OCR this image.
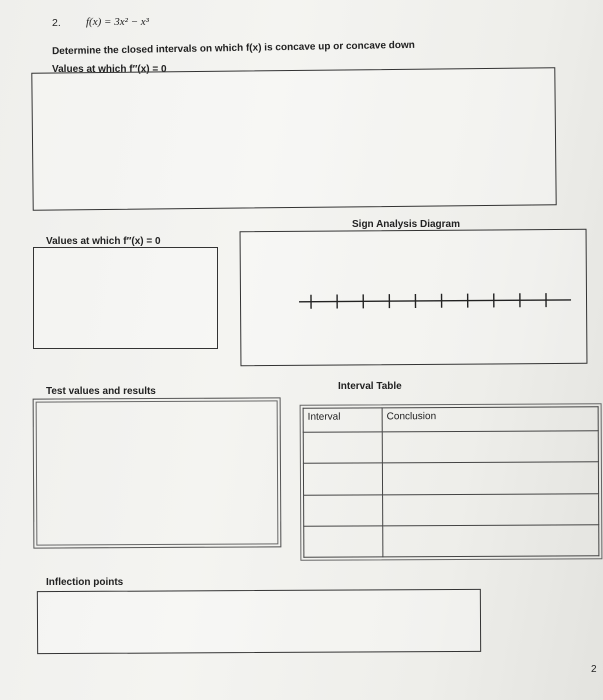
2. f(x) = 3x² − x³
Determine the closed intervals on which f(x) is concave up or concave down
Values at which f″(x) = 0
Sign Analysis Diagram
Values at which f″(x) = 0
Interval Table
Test values and results
Interval	Conclusion

Inflection points
2
